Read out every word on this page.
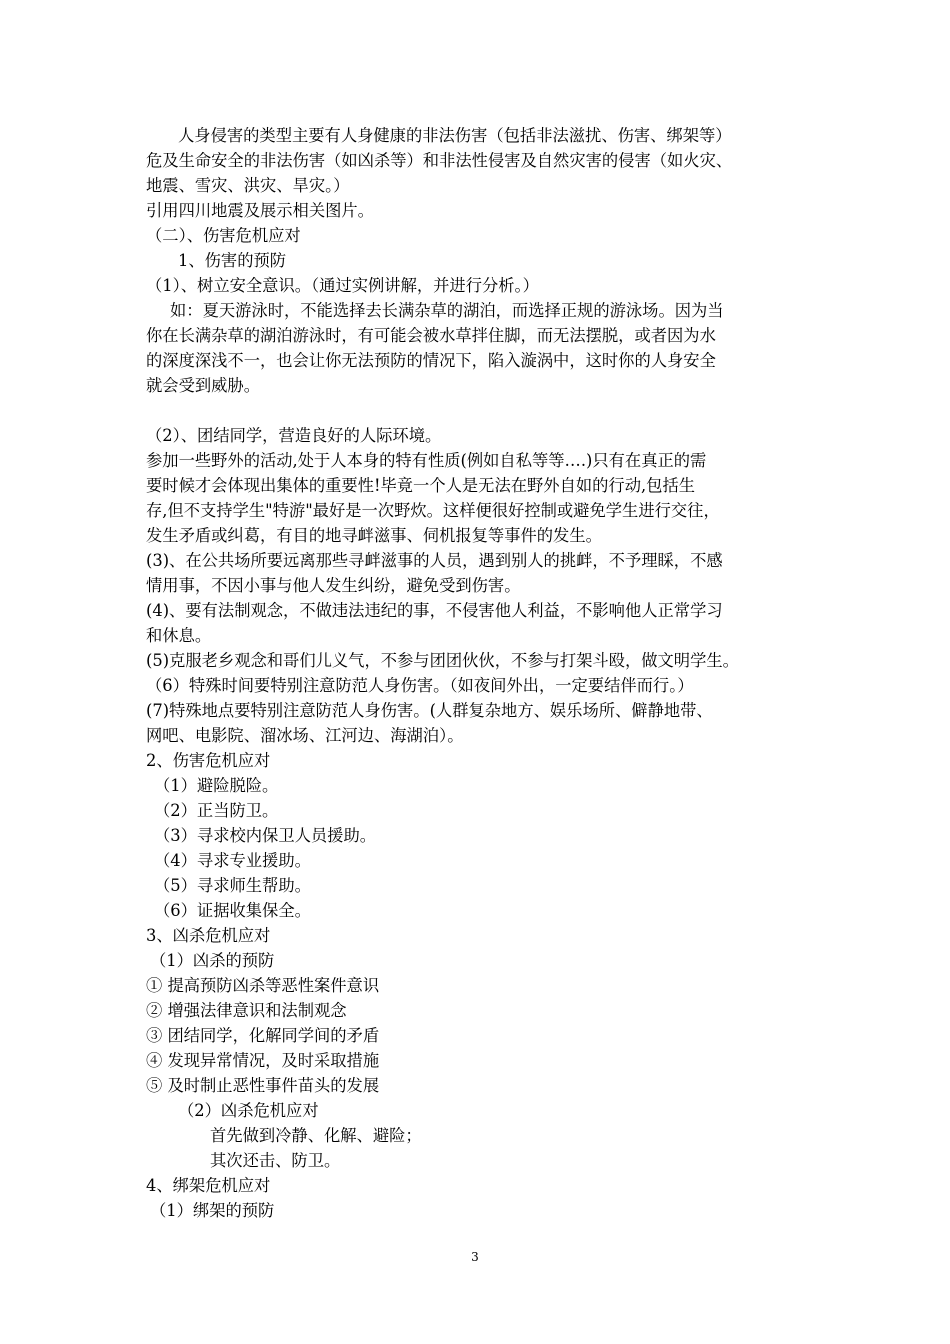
人身侵害的类型主要有人身健康的非法伤害（包括非法滋扰、伤害、绑架等）
危及生命安全的非法伤害（如凶杀等）和非法性侵害及自然灾害的侵害（如火灾、
地震、雪灾、洪灾、旱灾。）
引用四川地震及展示相关图片。
（二）、伤害危机应对
1、伤害的预防
（1）、树立安全意识。（通过实例讲解，并进行分析。）
如：夏天游泳时，不能选择去长满杂草的湖泊，而选择正规的游泳场。因为当
你在长满杂草的湖泊游泳时，有可能会被水草拌住脚，而无法摆脱，或者因为水
的深度深浅不一，也会让你无法预防的情况下，陷入漩涡中，这时你的人身安全
就会受到威胁。
（2）、团结同学，营造良好的人际环境。
参加一些野外的活动,处于人本身的特有性质(例如自私等等….)只有在真正的需
要时候才会体现出集体的重要性!毕竟一个人是无法在野外自如的行动,包括生
存,但不支持学生"特游"最好是一次野炊。这样便很好控制或避免学生进行交往，
发生矛盾或纠葛，有目的地寻衅滋事、伺机报复等事件的发生。
(3)、在公共场所要远离那些寻衅滋事的人员，遇到别人的挑衅，不予理睬，不感
情用事，不因小事与他人发生纠纷，避免受到伤害。
(4)、要有法制观念，不做违法违纪的事，不侵害他人利益，不影响他人正常学习
和休息。
(5)克服老乡观念和哥们儿义气，不参与团团伙伙，不参与打架斗殴，做文明学生。
（6）特殊时间要特别注意防范人身伤害。（如夜间外出，一定要结伴而行。）
(7)特殊地点要特别注意防范人身伤害。(人群复杂地方、娱乐场所、僻静地带、
网吧、电影院、溜冰场、江河边、海湖泊）。
2、伤害危机应对
（1）避险脱险。
（2）正当防卫。
（3）寻求校内保卫人员援助。
（4）寻求专业援助。
（5）寻求师生帮助。
（6）证据收集保全。
3、凶杀危机应对
（1）凶杀的预防
① 提高预防凶杀等恶性案件意识
② 增强法律意识和法制观念
③ 团结同学，化解同学间的矛盾
④ 发现异常情况，及时采取措施
⑤ 及时制止恶性事件苗头的发展
（2）凶杀危机应对
首先做到冷静、化解、避险；
其次还击、防卫。
4、绑架危机应对
（1）绑架的预防
3
